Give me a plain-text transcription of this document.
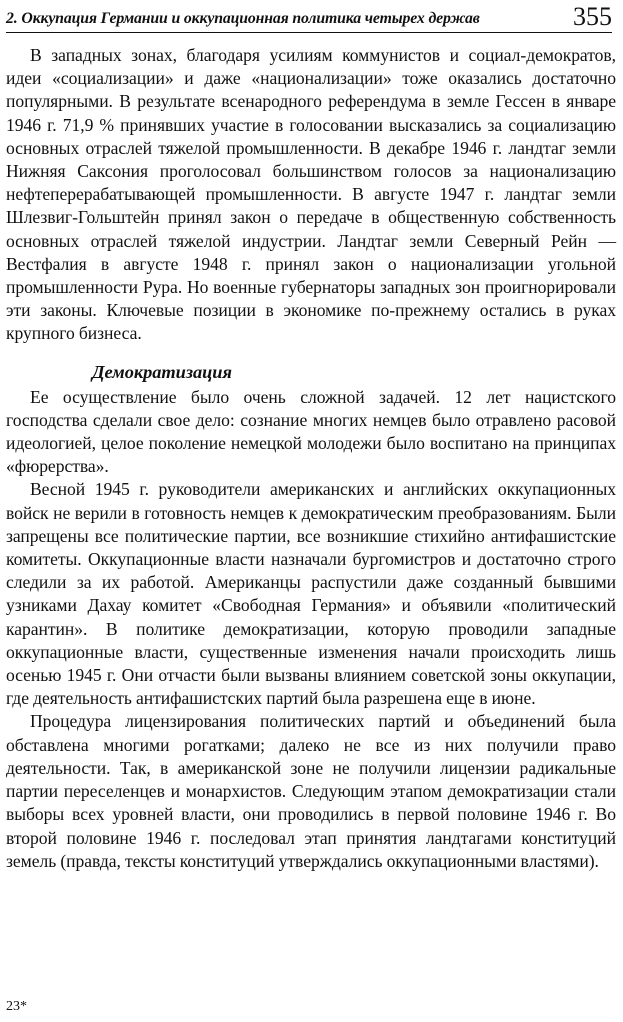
2. Оккупация Германии и оккупационная политика четырех держав	355

В западных зонах, благодаря усилиям коммунистов и социал-демократов, идеи «социализации» и даже «национализации» тоже оказались достаточно популярными. В результате всенародного референдума в земле Гессен в январе 1946 г. 71,9 % принявших участие в голосовании высказались за социализацию основных отраслей тяжелой промышленности. В декабре 1946 г. ландтаг земли Нижняя Саксония проголосовал большинством голосов за национализацию нефтеперерабатывающей промышленности. В августе 1947 г. ландтаг земли Шлезвиг-Гольштейн принял закон о передаче в общественную собственность основных отраслей тяжелой индустрии. Ландтаг земли Северный Рейн — Вестфалия в августе 1948 г. принял закон о национализации угольной промышленности Рура. Но военные губернаторы западных зон проигнорировали эти законы. Ключевые позиции в экономике по-прежнему остались в руках крупного бизнеса.

Демократизация

Ее осуществление было очень сложной задачей. 12 лет нацистского господства сделали свое дело: сознание многих немцев было отравлено расовой идеологией, целое поколение немецкой молодежи было воспитано на принципах «фюрерства».

Весной 1945 г. руководители американских и английских оккупационных войск не верили в готовность немцев к демократическим преобразованиям. Были запрещены все политические партии, все возникшие стихийно антифашистские комитеты. Оккупационные власти назначали бургомистров и достаточно строго следили за их работой. Американцы распустили даже созданный бывшими узниками Дахау комитет «Свободная Германия» и объявили «политический карантин». В политике демократизации, которую проводили западные оккупационные власти, существенные изменения начали происходить лишь осенью 1945 г. Они отчасти были вызваны влиянием советской зоны оккупации, где деятельность антифашистских партий была разрешена еще в июне.

Процедура лицензирования политических партий и объединений была обставлена многими рогатками; далеко не все из них получили право деятельности. Так, в американской зоне не получили лицензии радикальные партии переселенцев и монархистов. Следующим этапом демократизации стали выборы всех уровней власти, они проводились в первой половине 1946 г. Во второй половине 1946 г. последовал этап принятия ландтагами конституций земель (правда, тексты конституций утверждались оккупационными властями).

23*
